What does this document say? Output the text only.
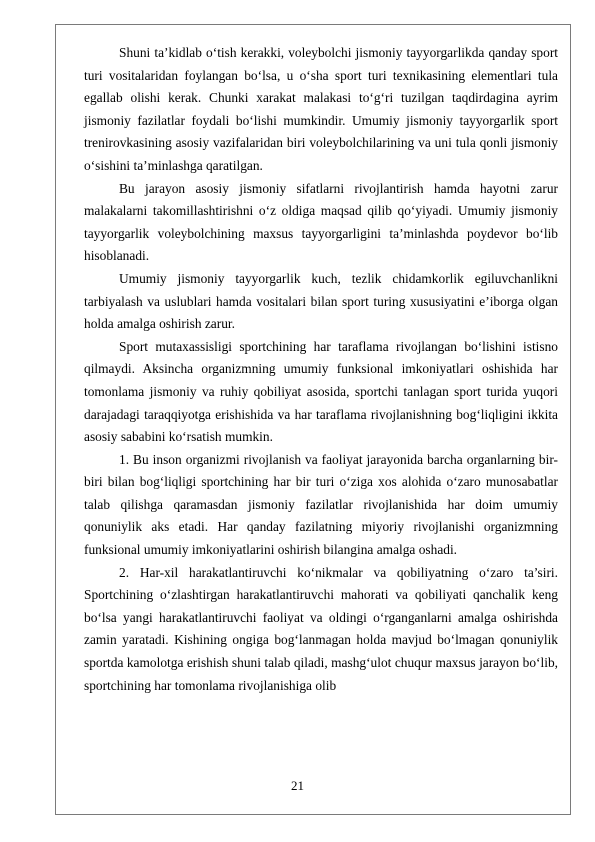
Shuni ta’kidlab o‘tish kerakki, voleybolchi jismoniy tayyorgarlikda qanday sport turi vositalaridan foylangan bo‘lsa, u o‘sha sport turi texnikasining elementlari tula egallab olishi kerak. Chunki xarakat malakasi to‘g‘ri tuzilgan taqdirdagina ayrim jismoniy fazilatlar foydali bo‘lishi mumkindir. Umumiy jismoniy tayyorgarlik sport trenirovkasining asosiy vazifalaridan biri voleybolchilarining va uni tula qonli jismoniy o‘sishini ta’minlashga qaratilgan.

Bu jarayon asosiy jismoniy sifatlarni rivojlantirish hamda hayotni zarur malakalarni takomillashtirishni o‘z oldiga maqsad qilib qo‘yiyadi. Umumiy jismoniy tayyorgarlik voleybolchining maxsus tayyorgarligini ta’minlashda poydevor bo‘lib hisoblanadi.

Umumiy jismoniy tayyorgarlik kuch, tezlik chidamkorlik egiluvchanlikni tarbiyalash va uslublari hamda vositalari bilan sport turing xususiyatini e’iborga olgan holda amalga oshirish zarur.

Sport mutaxassisligi sportchining har taraflama rivojlangan bo‘lishini istisno qilmaydi. Aksincha organizmning umumiy funksional imkoniyatlari oshishida har tomonlama jismoniy va ruhiy qobiliyat asosida, sportchi tanlagan sport turida yuqori darajadagi taraqqiyotga erishishida va har taraflama rivojlanishning bog‘liqligini ikkita asosiy sababini ko‘rsatish mumkin.

1. Bu inson organizmi rivojlanish va faoliyat jarayonida barcha organlarning bir-biri bilan bog‘liqligi sportchining har bir turi o‘ziga xos alohida o‘zaro munosabatlar talab qilishga qaramasdan jismoniy fazilatlar rivojlanishida har doim umumiy qonuniylik aks etadi. Har qanday fazilatning miyoriy rivojlanishi organizmning funksional umumiy imkoniyatlarini oshirish bilangina amalga oshadi.

2. Har-xil harakatlantiruvchi ko‘nikmalar va qobiliyatning o‘zaro ta’siri. Sportchining o‘zlashtirgan harakatlantiruvchi mahorati va qobiliyati qanchalik keng bo‘lsa yangi harakatlantiruvchi faoliyat va oldingi o‘rganganlarni amalga oshirishda zamin yaratadi. Kishining ongiga bog‘lanmagan holda mavjud bo‘lmagan qonuniylik sportda kamolotga erishish shuni talab qiladi, mashg‘ulot chuqur maxsus jarayon bo‘lib, sportchining har tomonlama rivojlanishiga olib

21
